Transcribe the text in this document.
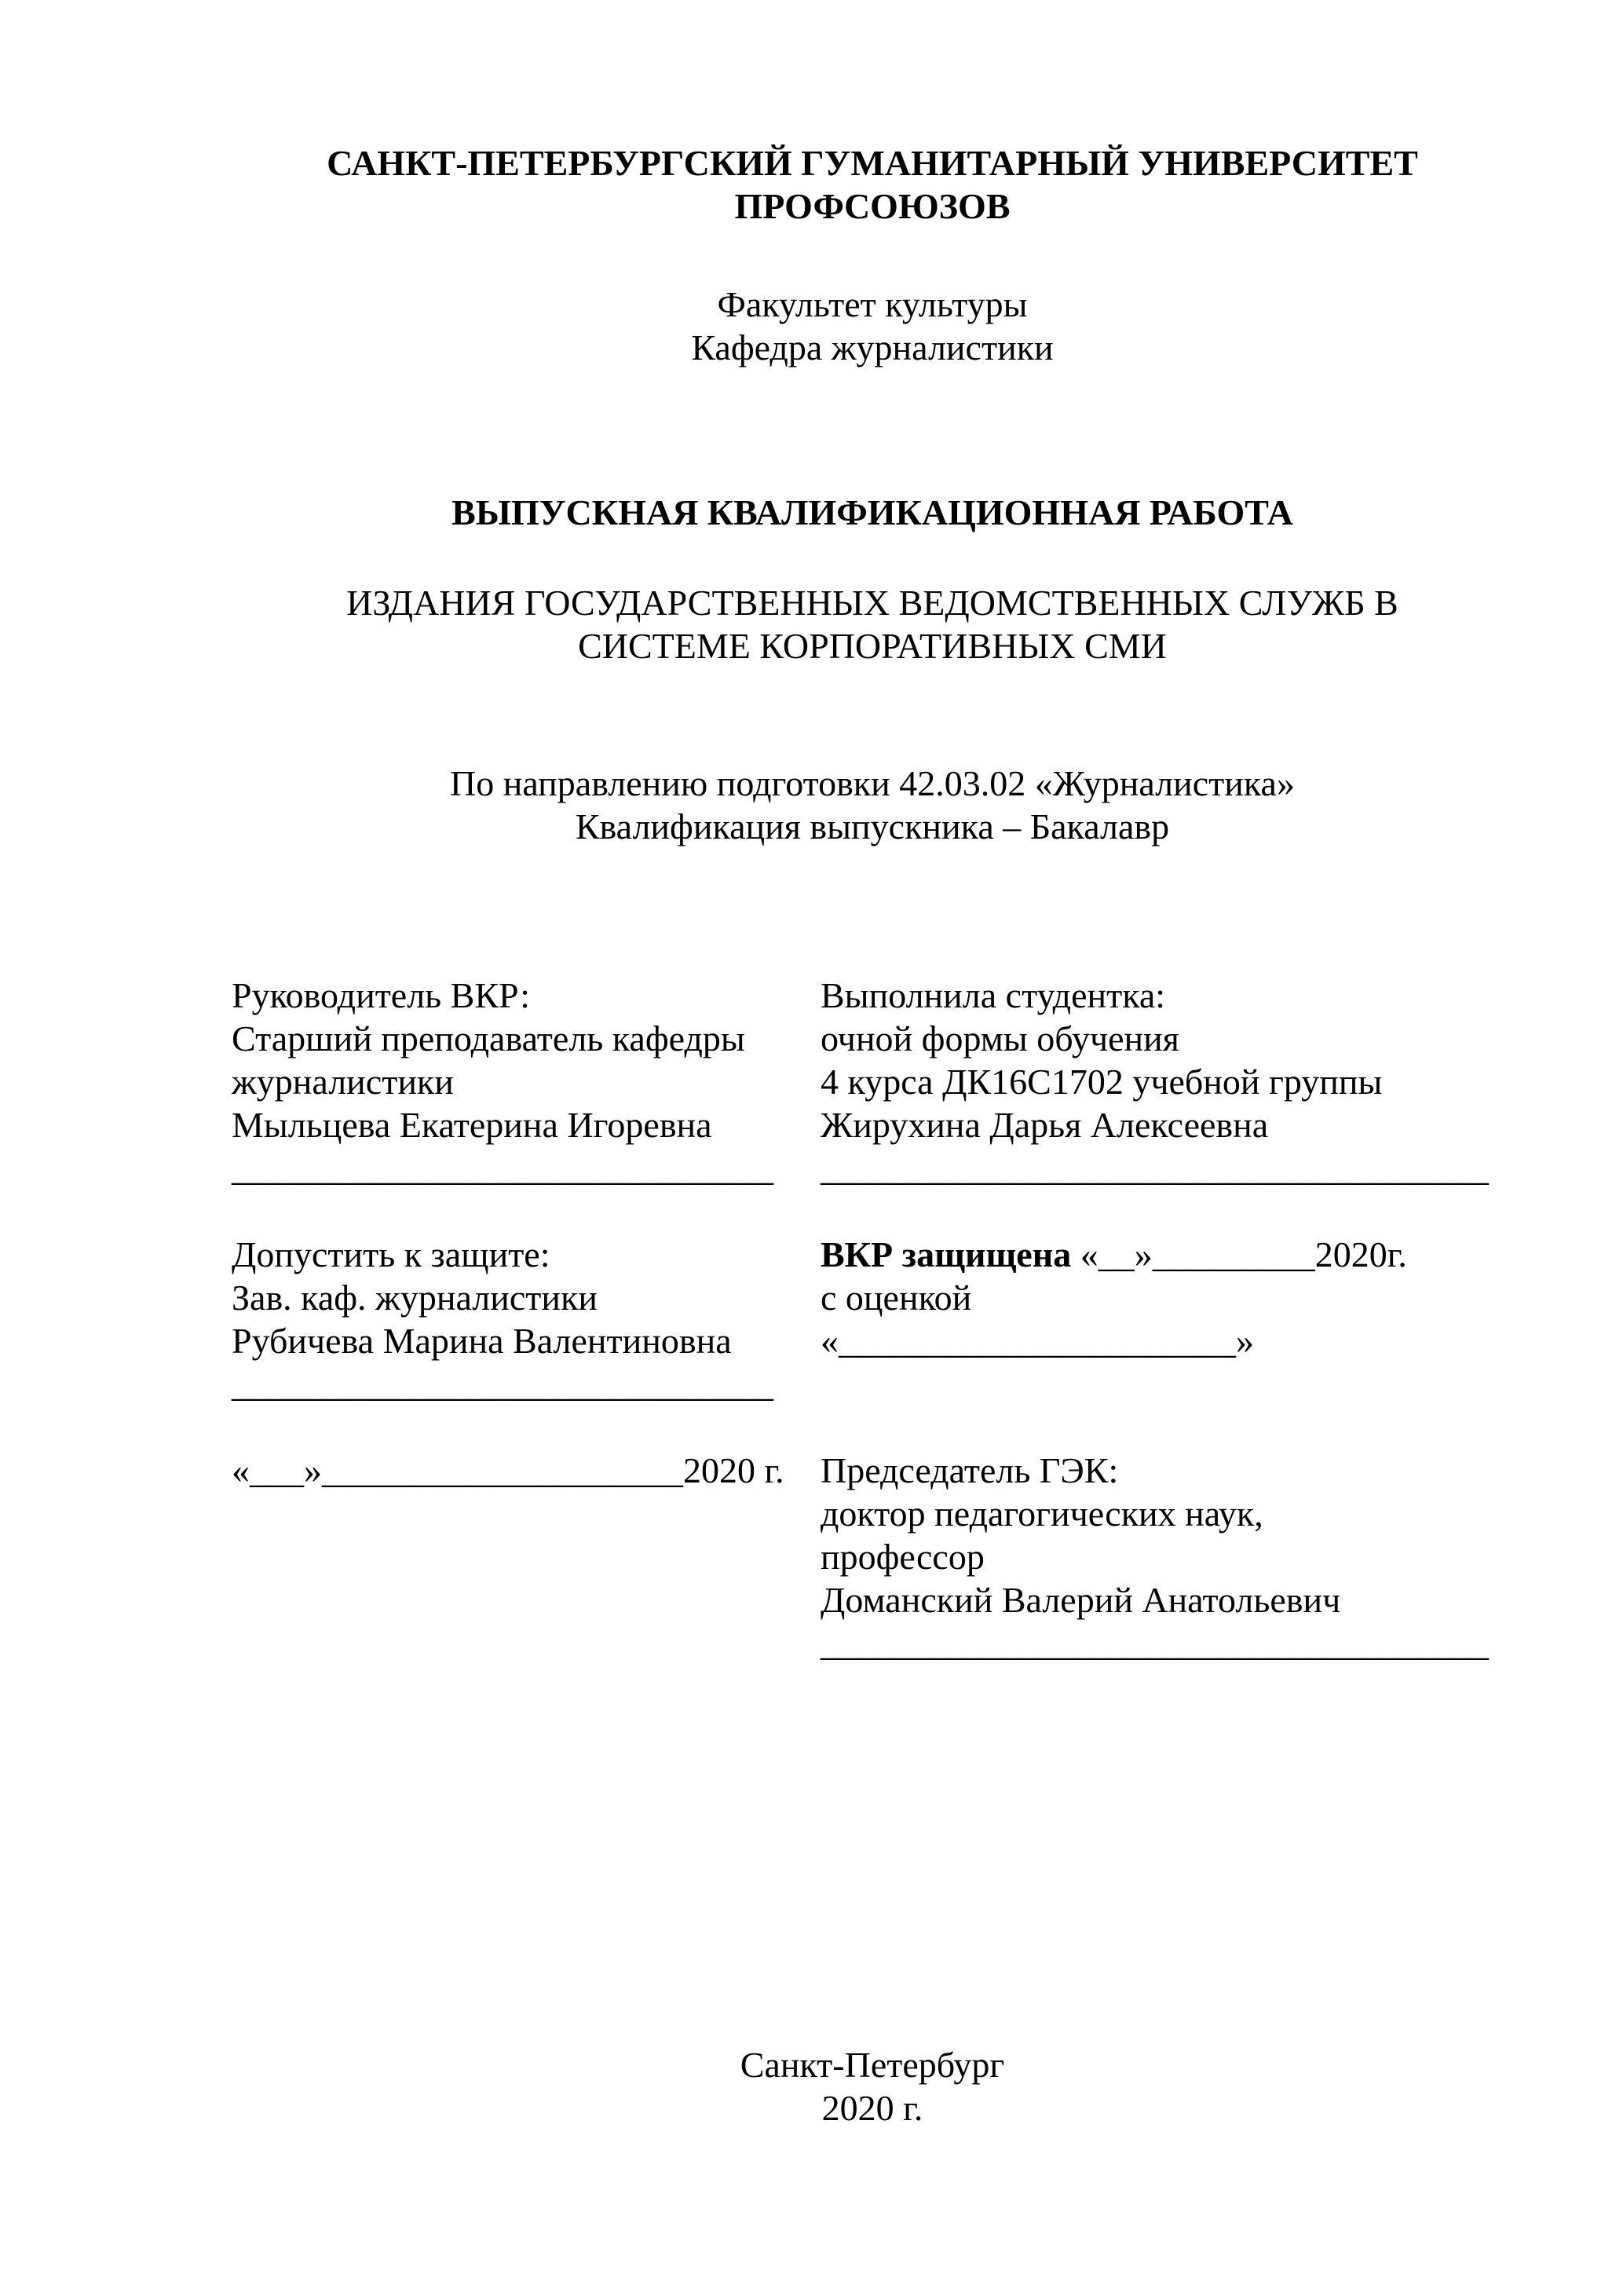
САНКТ-ПЕТЕРБУРГСКИЙ ГУМАНИТАРНЫЙ УНИВЕРСИТЕТ
ПРОФСОЮЗОВ
Факультет культуры
Кафедра журналистики
ВЫПУСКНАЯ КВАЛИФИКАЦИОННАЯ РАБОТА
ИЗДАНИЯ ГОСУДАРСТВЕННЫХ ВЕДОМСТВЕННЫХ СЛУЖБ В
СИСТЕМЕ КОРПОРАТИВНЫХ СМИ
По направлению подготовки 42.03.02 «Журналистика»
Квалификация выпускника – Бакалавр
Руководитель ВКР:
Старший преподаватель кафедры
журналистики
Мыльцева Екатерина Игоревна
______________________________
Допустить к защите:
Зав. каф. журналистики
Рубичева Марина Валентиновна
______________________________
«___»____________________2020 г.
Выполнила студентка:
очной формы обучения
4 курса ДК16С1702 учебной группы
Жирухина Дарья Алексеевна
_____________________________________
ВКР защищена «__»_________2020г.
с оценкой
«______________________»
Председатель ГЭК:
доктор педагогических наук,
профессор
Доманский Валерий Анатольевич
_____________________________________
Санкт-Петербург
2020 г.
